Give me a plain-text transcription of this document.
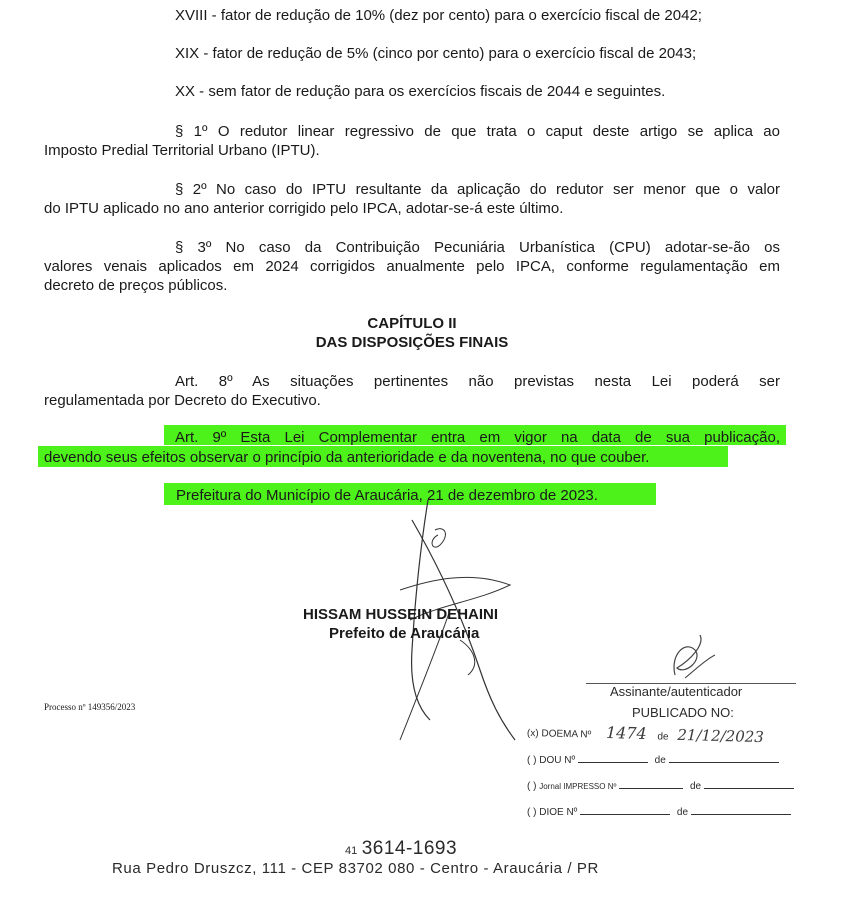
XVIII - fator de redução de 10% (dez por cento) para o exercício fiscal de 2042;
XIX - fator de redução de 5% (cinco por cento) para o exercício fiscal de 2043;
XX - sem fator de redução para os exercícios fiscais de 2044 e seguintes.
§ 1º O redutor linear regressivo de que trata o caput deste artigo se aplica ao
Imposto Predial Territorial Urbano (IPTU).
§ 2º No caso do IPTU resultante da aplicação do redutor ser menor que o valor
do IPTU aplicado no ano anterior corrigido pelo IPCA, adotar-se-á este último.
§ 3º No caso da Contribuição Pecuniária Urbanística (CPU) adotar-se-ão os
valores venais aplicados em 2024 corrigidos anualmente pelo IPCA, conforme regulamentação em
decreto de preços públicos.
CAPÍTULO II
DAS DISPOSIÇÕES FINAIS
Art. 8º As situações pertinentes não previstas nesta Lei poderá ser
regulamentada por Decreto do Executivo.
Art. 9º Esta Lei Complementar entra em vigor na data de sua publicação,
devendo seus efeitos observar o princípio da anterioridade e da noventena, no que couber.
Prefeitura do Município de Araucária, 21 de dezembro de 2023.
HISSAM HUSSEIN DEHAINI
Prefeito de Araucária
Processo nº 149356/2023
Assinante/autenticador
PUBLICADO NO:
(x) DOEMA Nº 1474 de 21/12/2023
( ) DOU Nº	de
( ) Jornal IMPRESSO Nº	de
( ) DIOE Nº	de
41 3614-1693
Rua Pedro Druszcz, 111 - CEP 83702 080 - Centro - Araucária / PR
